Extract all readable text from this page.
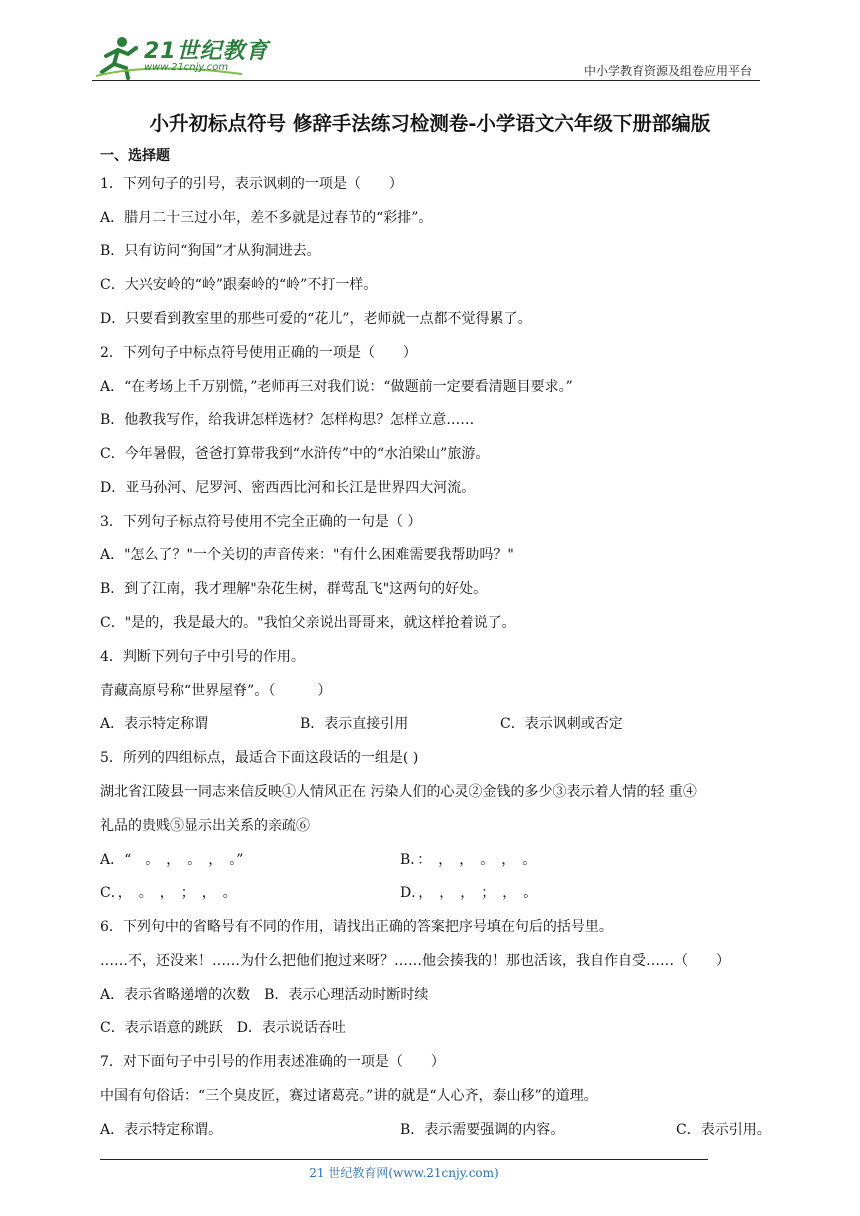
21世纪教育
www.21cnjy.com	中小学教育资源及组卷应用平台
小升初标点符号 修辞手法练习检测卷-小学语文六年级下册部编版
一、选择题
1．下列句子的引号，表示讽刺的一项是（　　）
A．腊月二十三过小年，差不多就是过春节的“彩排”。
B．只有访问“狗国”才从狗洞进去。
C．大兴安岭的“岭”跟秦岭的“岭”不打一样。
D．只要看到教室里的那些可爱的“花儿”，老师就一点都不觉得累了。
2．下列句子中标点符号使用正确的一项是（　　）
A．“在考场上千万别慌，”老师再三对我们说：“做题前一定要看清题目要求。”
B．他教我写作，给我讲怎样选材？怎样构思？怎样立意……
C．今年暑假，爸爸打算带我到“水浒传”中的“水泊梁山”旅游。
D．亚马孙河、尼罗河、密西西比河和长江是世界四大河流。
3．下列句子标点符号使用不完全正确的一句是（ ）
A．"怎么了？"一个关切的声音传来："有什么困难需要我帮助吗？"
B．到了江南，我才理解"杂花生树，群莺乱飞"这两句的好处。
C．"是的，我是最大的。"我怕父亲说出哥哥来，就这样抢着说了。
4．判断下列句子中引号的作用。
青藏高原号称“世界屋脊”。（　　　）
A．表示特定称谓	B．表示直接引用	C．表示讽刺或否定
5．所列的四组标点，最适合下面这段话的一组是( )
湖北省江陵县一同志来信反映①人情风正在 污染人们的心灵②金钱的多少③表示着人情的轻 重④
礼品的贵贱⑤显示出关系的亲疏⑥
A．“　。　，　。　，　。”	B．：　，　，　。　，　。
C．，　。　，　；　，　。	D．，　，　，　；　，　。
6．下列句中的省略号有不同的作用，请找出正确的答案把序号填在句后的括号里。
……不，还没来！……为什么把他们抱过来呀？……他会揍我的！那也活该，我自作自受……（　　）
A．表示省略递增的次数　B．表示心理活动时断时续
C．表示语意的跳跃　D．表示说话吞吐
7．对下面句子中引号的作用表述准确的一项是（　　）
中国有句俗话：“三个臭皮匠，赛过诸葛亮。”讲的就是“人心齐，泰山移”的道理。
A．表示特定称谓。	B．表示需要强调的内容。	C．表示引用。
21 世纪教育网(www.21cnjy.com)
